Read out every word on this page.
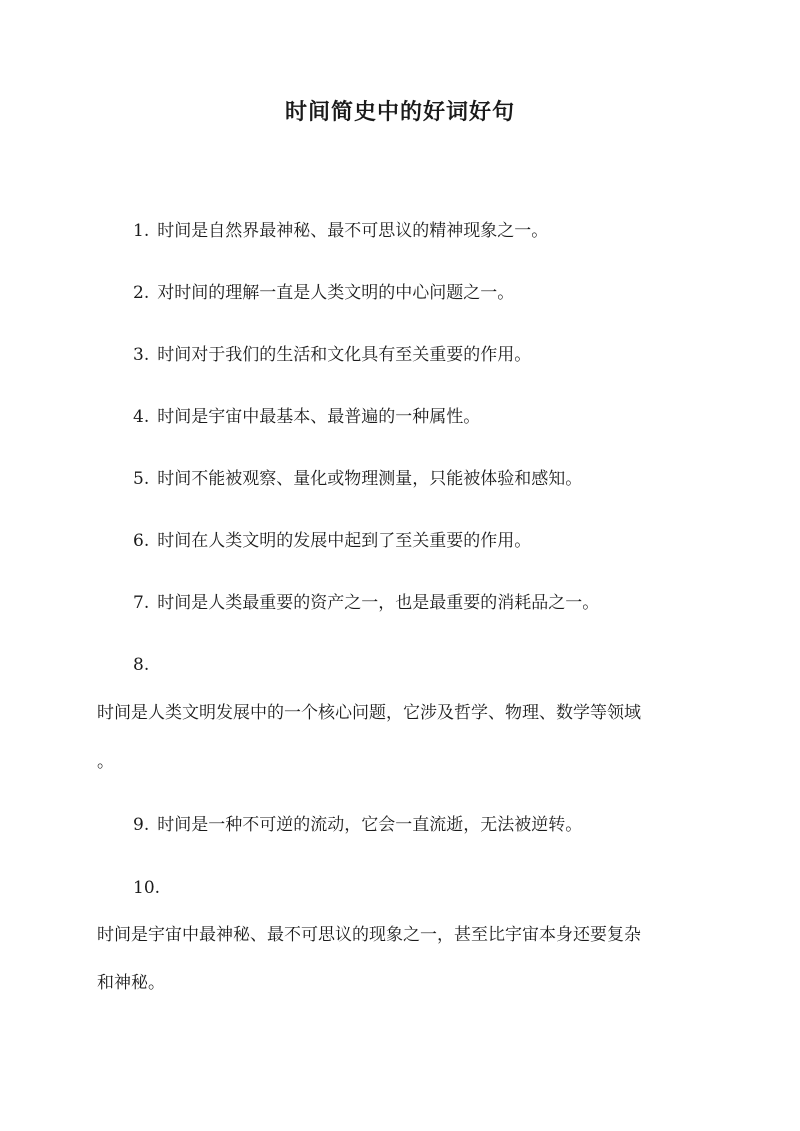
时间简史中的好词好句
1. 时间是自然界最神秘、最不可思议的精神现象之一。
2. 对时间的理解一直是人类文明的中心问题之一。
3. 时间对于我们的生活和文化具有至关重要的作用。
4. 时间是宇宙中最基本、最普遍的一种属性。
5. 时间不能被观察、量化或物理测量，只能被体验和感知。
6. 时间在人类文明的发展中起到了至关重要的作用。
7. 时间是人类最重要的资产之一，也是最重要的消耗品之一。
8.
时间是人类文明发展中的一个核心问题，它涉及哲学、物理、数学等领域
。
9. 时间是一种不可逆的流动，它会一直流逝，无法被逆转。
10.
时间是宇宙中最神秘、最不可思议的现象之一，甚至比宇宙本身还要复杂
和神秘。
